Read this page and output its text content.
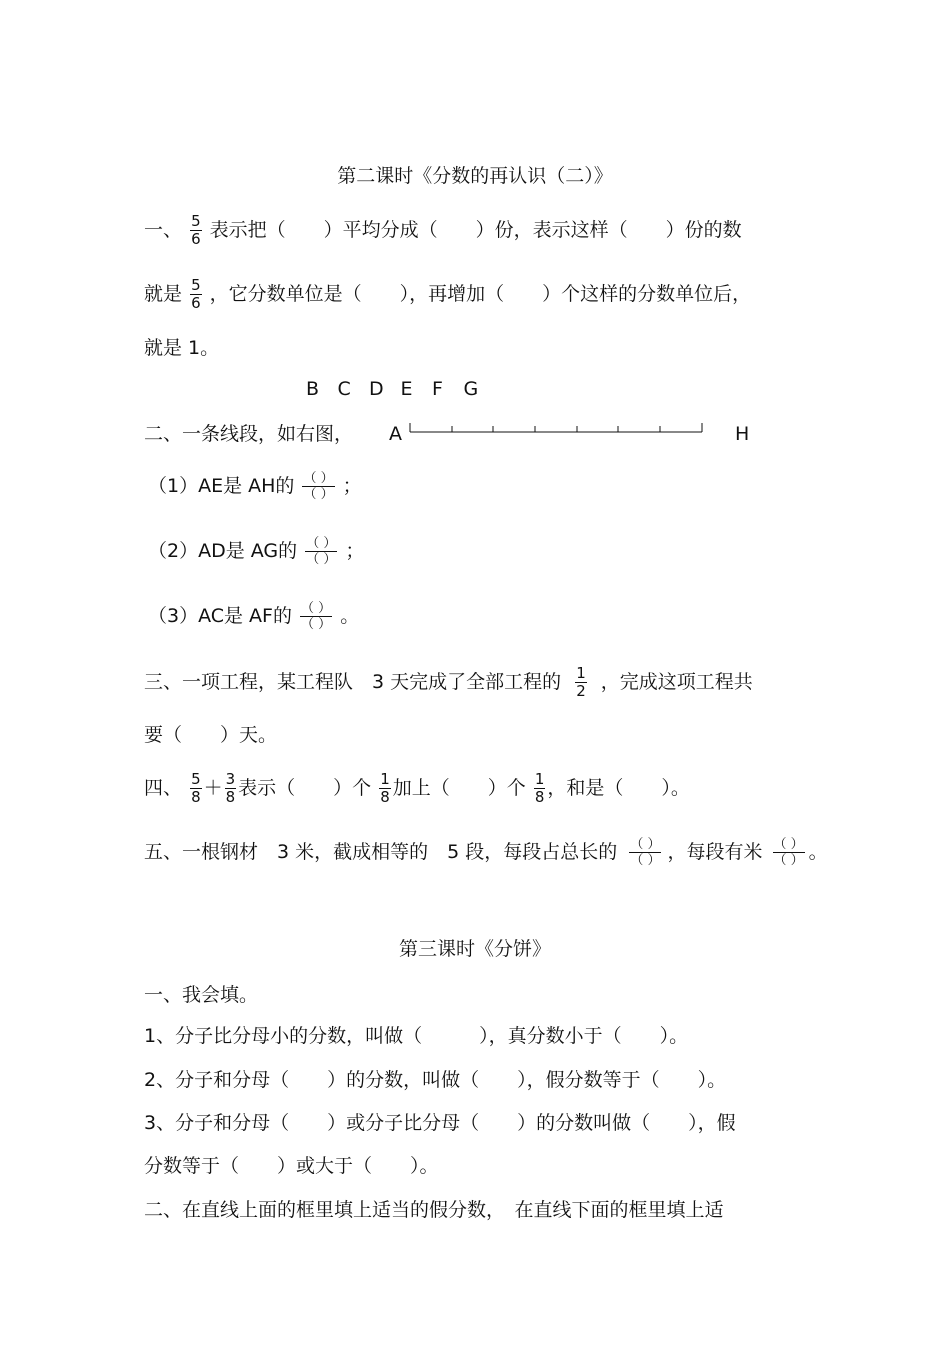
第二课时《分数的再认识（二）》
一、 $\frac{5}{6}$ 表示把（　　）平均分成（　　）份，表示这样（　　）份的数
就是 $\frac{5}{6}$ ，它分数单位是（　　），再增加（　　）个这样的分数单位后，
就是 1。
B C D E F G
二、一条线段，如右图， A	H
（1）AE是 AH的 $\frac{( )}{( )}$ ；
（2）AD是 AG的 $\frac{( )}{( )}$ ；
（3）AC是 AF的 $\frac{( )}{( )}$ 。
三、一项工程，某工程队　3 天完成了全部工程的 $\frac{1}{2}$ ，完成这项工程共
要（　　）天。
四、 $\frac{5}{8} + \frac{3}{8}$ 表示（　　）个 $\frac{1}{8}$ 加上（　　）个 $\frac{1}{8}$ ，和是（　　）。
五、一根钢材　3 米，截成相等的　5 段，每段占总长的 $\frac{( )}{( )}$ ，每段有米 $\frac{( )}{( )}$ 。
第三课时《分饼》
一、我会填。
1、分子比分母小的分数，叫做（　　　），真分数小于（　　）。
2、分子和分母（　　）的分数，叫做（　　），假分数等于（　　）。
3、分子和分母（　　）或分子比分母（　　）的分数叫做（　　），假
分数等于（　　）或大于（　　）。
二、在直线上面的框里填上适当的假分数，　在直线下面的框里填上适
